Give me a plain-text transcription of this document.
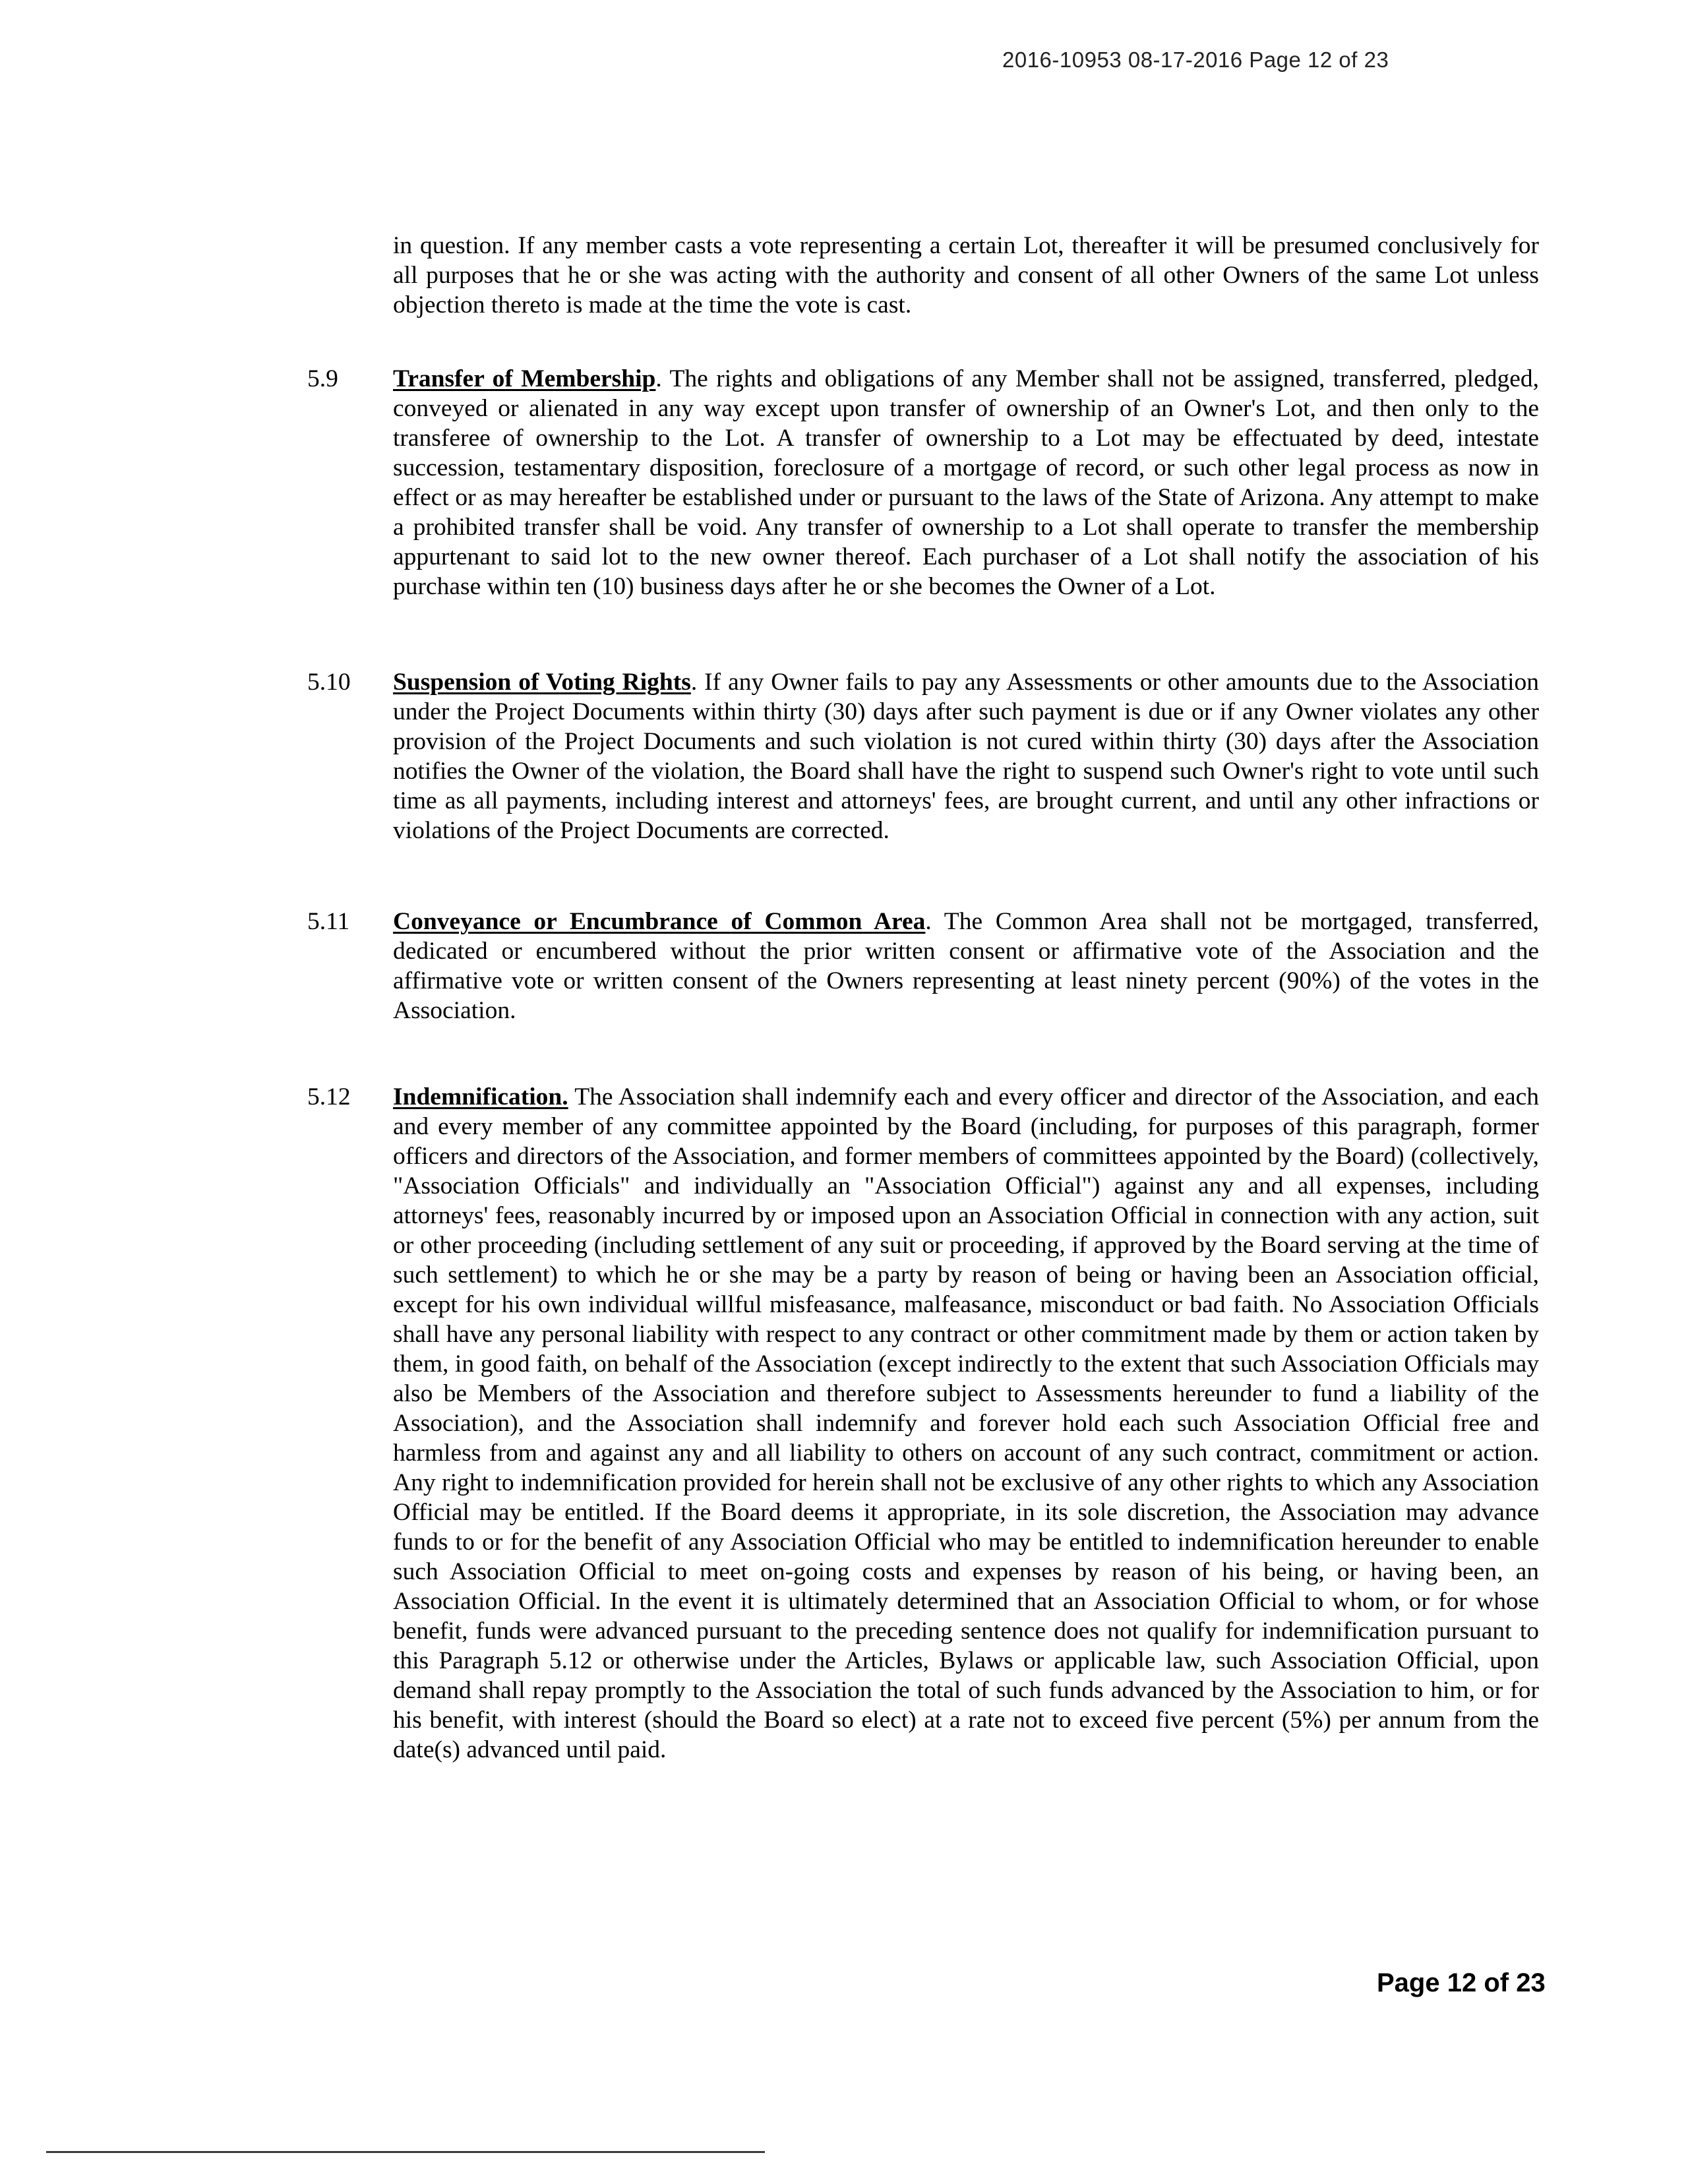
2016-10953 08-17-2016 Page 12 of 23

in question. If any member casts a vote representing a certain Lot, thereafter it will be presumed conclusively for all purposes that he or she was acting with the authority and consent of all other Owners of the same Lot unless objection thereto is made at the time the vote is cast.

5.9 Transfer of Membership. The rights and obligations of any Member shall not be assigned, transferred, pledged, conveyed or alienated in any way except upon transfer of ownership of an Owner's Lot, and then only to the transferee of ownership to the Lot. A transfer of ownership to a Lot may be effectuated by deed, intestate succession, testamentary disposition, foreclosure of a mortgage of record, or such other legal process as now in effect or as may hereafter be established under or pursuant to the laws of the State of Arizona. Any attempt to make a prohibited transfer shall be void. Any transfer of ownership to a Lot shall operate to transfer the membership appurtenant to said lot to the new owner thereof. Each purchaser of a Lot shall notify the association of his purchase within ten (10) business days after he or she becomes the Owner of a Lot.

5.10 Suspension of Voting Rights. If any Owner fails to pay any Assessments or other amounts due to the Association under the Project Documents within thirty (30) days after such payment is due or if any Owner violates any other provision of the Project Documents and such violation is not cured within thirty (30) days after the Association notifies the Owner of the violation, the Board shall have the right to suspend such Owner's right to vote until such time as all payments, including interest and attorneys' fees, are brought current, and until any other infractions or violations of the Project Documents are corrected.

5.11 Conveyance or Encumbrance of Common Area. The Common Area shall not be mortgaged, transferred, dedicated or encumbered without the prior written consent or affirmative vote of the Association and the affirmative vote or written consent of the Owners representing at least ninety percent (90%) of the votes in the Association.

5.12 Indemnification. The Association shall indemnify each and every officer and director of the Association, and each and every member of any committee appointed by the Board (including, for purposes of this paragraph, former officers and directors of the Association, and former members of committees appointed by the Board) (collectively, "Association Officials" and individually an "Association Official") against any and all expenses, including attorneys' fees, reasonably incurred by or imposed upon an Association Official in connection with any action, suit or other proceeding (including settlement of any suit or proceeding, if approved by the Board serving at the time of such settlement) to which he or she may be a party by reason of being or having been an Association official, except for his own individual willful misfeasance, malfeasance, misconduct or bad faith. No Association Officials shall have any personal liability with respect to any contract or other commitment made by them or action taken by them, in good faith, on behalf of the Association (except indirectly to the extent that such Association Officials may also be Members of the Association and therefore subject to Assessments hereunder to fund a liability of the Association), and the Association shall indemnify and forever hold each such Association Official free and harmless from and against any and all liability to others on account of any such contract, commitment or action. Any right to indemnification provided for herein shall not be exclusive of any other rights to which any Association Official may be entitled. If the Board deems it appropriate, in its sole discretion, the Association may advance funds to or for the benefit of any Association Official who may be entitled to indemnification hereunder to enable such Association Official to meet on-going costs and expenses by reason of his being, or having been, an Association Official. In the event it is ultimately determined that an Association Official to whom, or for whose benefit, funds were advanced pursuant to the preceding sentence does not qualify for indemnification pursuant to this Paragraph 5.12 or otherwise under the Articles, Bylaws or applicable law, such Association Official, upon demand shall repay promptly to the Association the total of such funds advanced by the Association to him, or for his benefit, with interest (should the Board so elect) at a rate not to exceed five percent (5%) per annum from the date(s) advanced until paid.

Page 12 of 23
